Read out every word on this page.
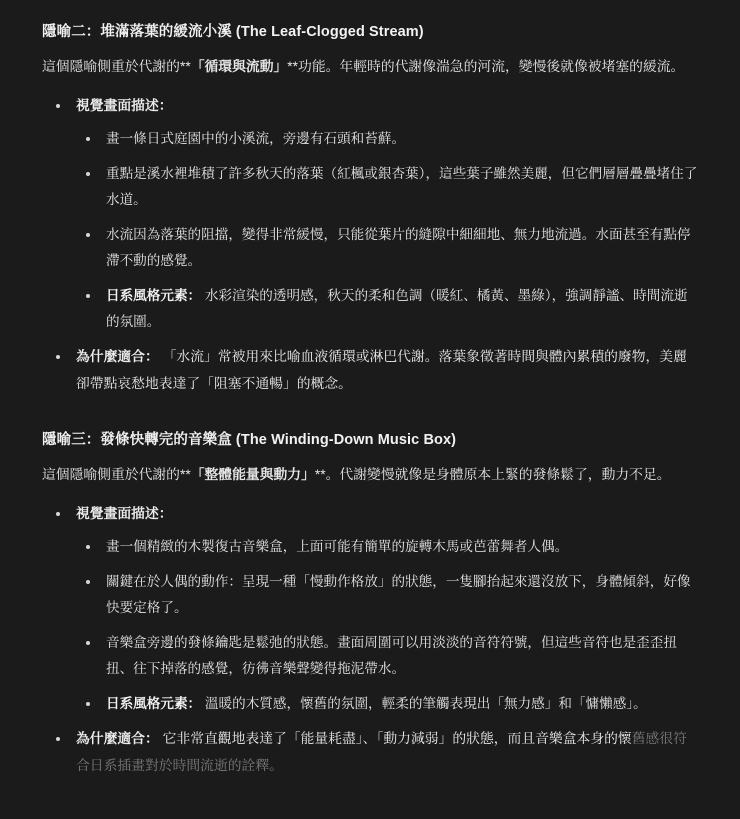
隱喻二：堆滿落葉的緩流小溪 (The Leaf-Clogged Stream)

這個隱喻側重於代謝的**「循環與流動」**功能。年輕時的代謝像湍急的河流，變慢後就像被堵塞的緩流。

視覺畫面描述：
畫一條日式庭園中的小溪流，旁邊有石頭和苔蘚。
重點是溪水裡堆積了許多秋天的落葉（紅楓或銀杏葉），這些葉子雖然美麗，但它們層層疊疊堵住了水道。
水流因為落葉的阻擋，變得非常緩慢，只能從葉片的縫隙中細細地、無力地流過。水面甚至有點停滯不動的感覺。
日系風格元素： 水彩渲染的透明感，秋天的柔和色調（暖紅、橘黃、墨綠），強調靜謐、時間流逝的氛圍。
為什麼適合： 「水流」常被用來比喻血液循環或淋巴代謝。落葉象徵著時間與體內累積的廢物，美麗卻帶點哀愁地表達了「阻塞不通暢」的概念。
隱喻三：發條快轉完的音樂盒 (The Winding-Down Music Box)

這個隱喻側重於代謝的**「整體能量與動力」**。代謝變慢就像是身體原本上緊的發條鬆了，動力不足。

視覺畫面描述：
畫一個精緻的木製復古音樂盒，上面可能有簡單的旋轉木馬或芭蕾舞者人偶。
關鍵在於人偶的動作：呈現一種「慢動作格放」的狀態，一隻腳抬起來還沒放下，身體傾斜，好像快要定格了。
音樂盒旁邊的發條鑰匙是鬆弛的狀態。畫面周圍可以用淡淡的音符符號，但這些音符也是歪歪扭扭、往下掉落的感覺，彷彿音樂聲變得拖泥帶水。
日系風格元素： 溫暖的木質感，懷舊的氛圍，輕柔的筆觸表現出「無力感」和「慵懶感」。
為什麼適合： 它非常直觀地表達了「能量耗盡」、「動力減弱」的狀態，而且音樂盒本身的懷舊感很符合日系插畫對於時間流逝的詮釋。
